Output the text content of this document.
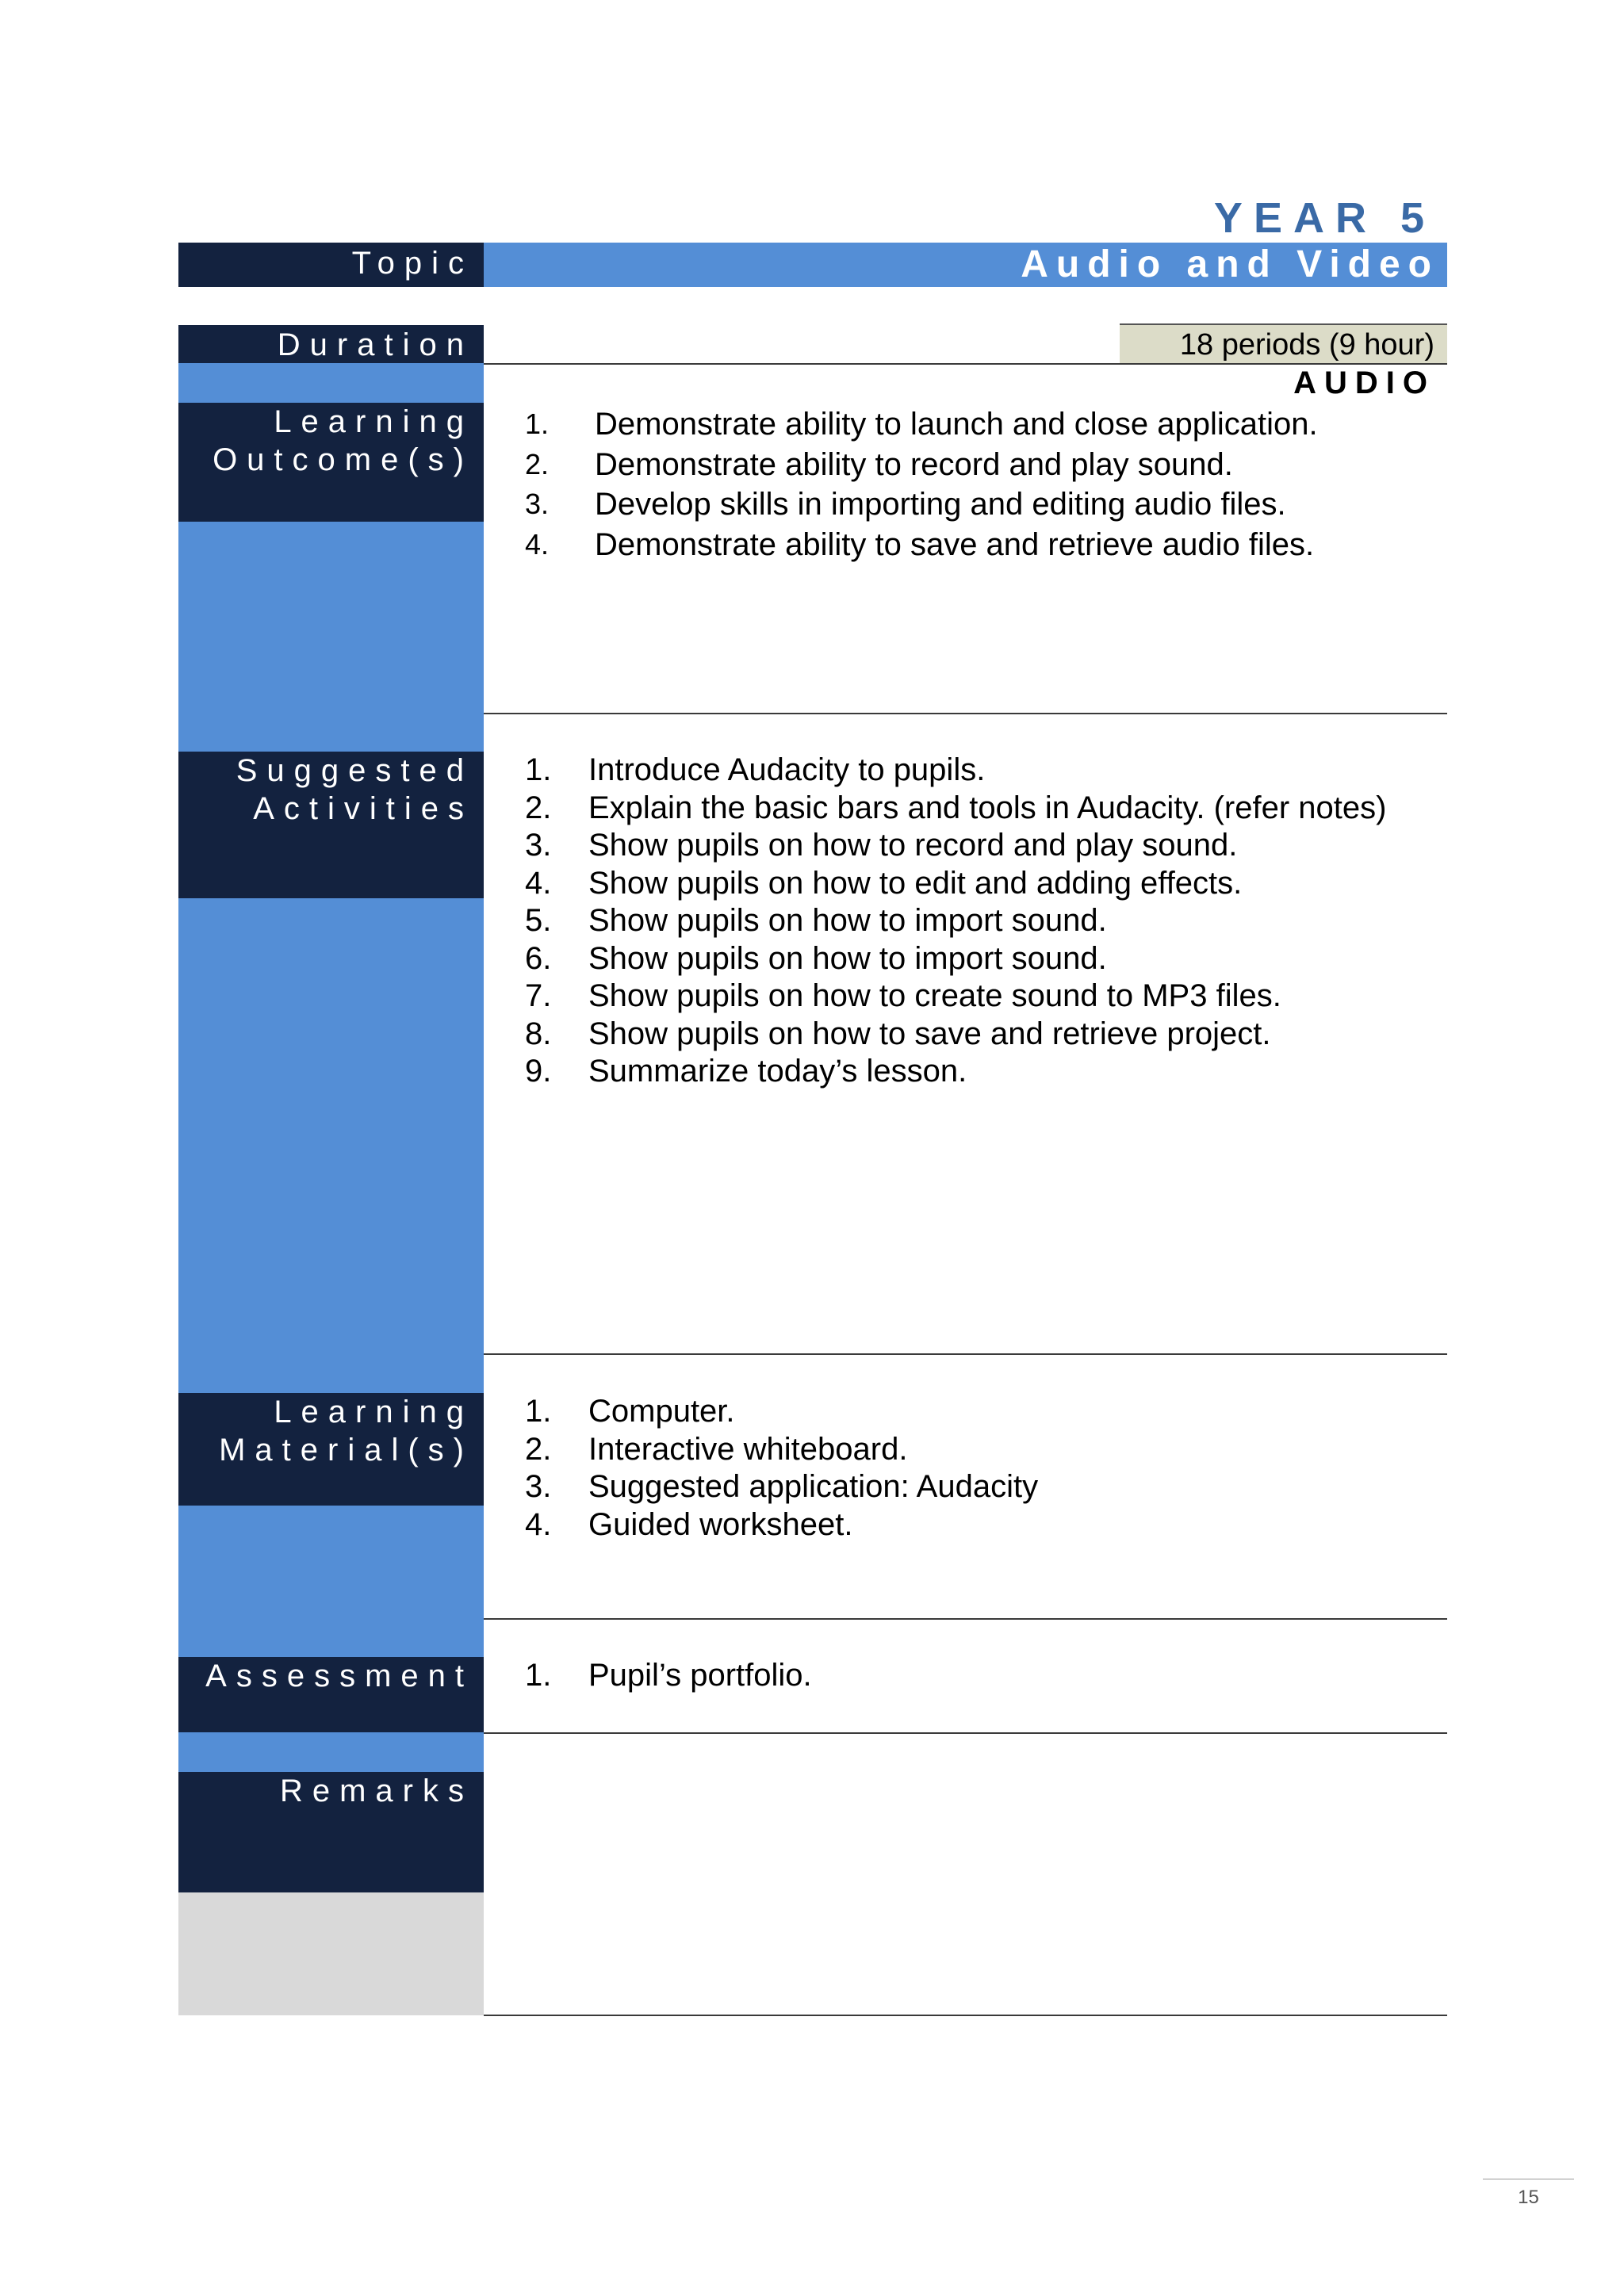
YEAR 5
Topic	Audio and Video
Duration
Learning
Outcome(s)
Suggested
Activities
Learning
Material(s)
Assessment
Remarks
18 periods (9 hour)
AUDIO
1. Demonstrate ability to launch and close application.
2. Demonstrate ability to record and play sound.
3. Develop skills in importing and editing audio files.
4. Demonstrate ability to save and retrieve audio files.
1. Introduce Audacity to pupils.
2. Explain the basic bars and tools in Audacity. (refer notes)
3. Show pupils on how to record and play sound.
4. Show pupils on how to edit and adding effects.
5. Show pupils on how to import sound.
6. Show pupils on how to import sound.
7. Show pupils on how to create sound to MP3 files.
8. Show pupils on how to save and retrieve project.
9. Summarize today’s lesson.
1. Computer.
2. Interactive whiteboard.
3. Suggested application: Audacity
4. Guided worksheet.
1. Pupil’s portfolio.
15
